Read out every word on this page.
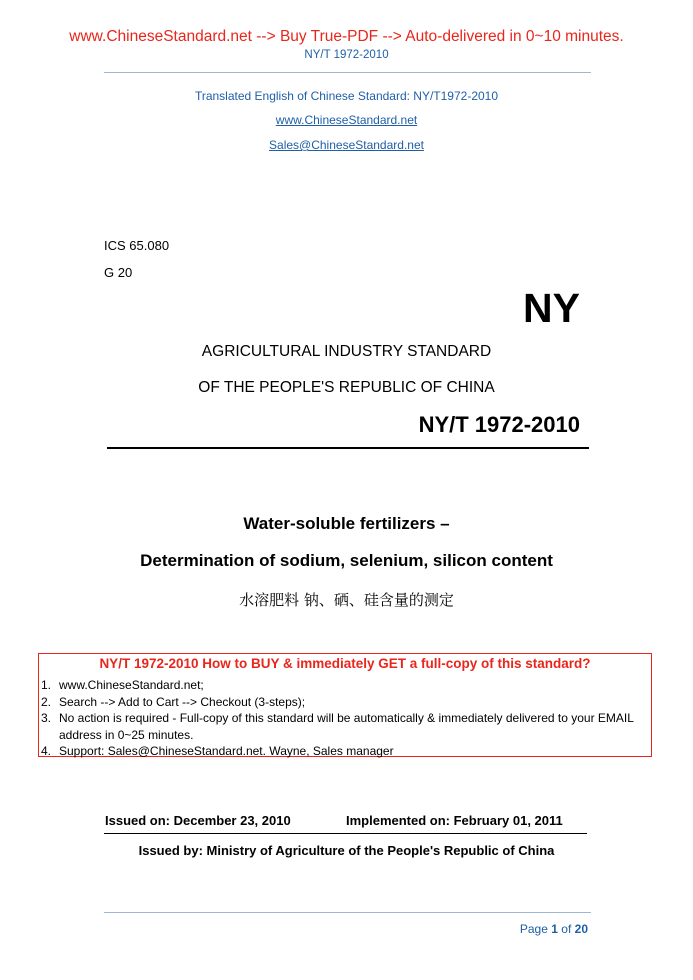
www.ChineseStandard.net --> Buy True-PDF --> Auto-delivered in 0~10 minutes.
NY/T 1972-2010
Translated English of Chinese Standard: NY/T1972-2010
www.ChineseStandard.net
Sales@ChineseStandard.net
ICS 65.080
G 20
NY
AGRICULTURAL INDUSTRY STANDARD
OF THE PEOPLE'S REPUBLIC OF CHINA
NY/T 1972-2010
Water-soluble fertilizers –
Determination of sodium, selenium, silicon content
水溶肥料 钠、硒、硅含量的测定
NY/T 1972-2010 How to BUY & immediately GET a full-copy of this standard?
1. www.ChineseStandard.net;
2. Search --> Add to Cart --> Checkout (3-steps);
3. No action is required - Full-copy of this standard will be automatically & immediately delivered to your EMAIL address in 0~25 minutes.
4. Support: Sales@ChineseStandard.net. Wayne, Sales manager
Issued on: December 23, 2010	Implemented on: February 01, 2011
Issued by: Ministry of Agriculture of the People's Republic of China
Page 1 of 20
